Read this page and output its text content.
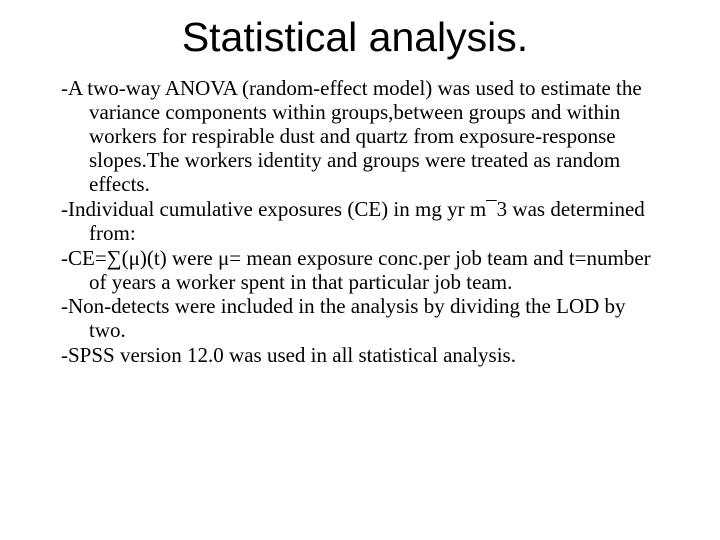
Statistical analysis.
-A two-way ANOVA (random-effect model) was used to estimate the variance components within groups,between groups and within workers for respirable dust and quartz from exposure-response slopes.The workers identity and groups were treated as random effects.
-Individual cumulative exposures (CE) in mg yr m¯3 was determined from:
-CE=∑(μ)(t) were μ= mean exposure conc.per job team and t=number of years a worker spent in that particular job team.
-Non-detects were included in the analysis by dividing the LOD by two.
-SPSS version 12.0 was used in all statistical analysis.
